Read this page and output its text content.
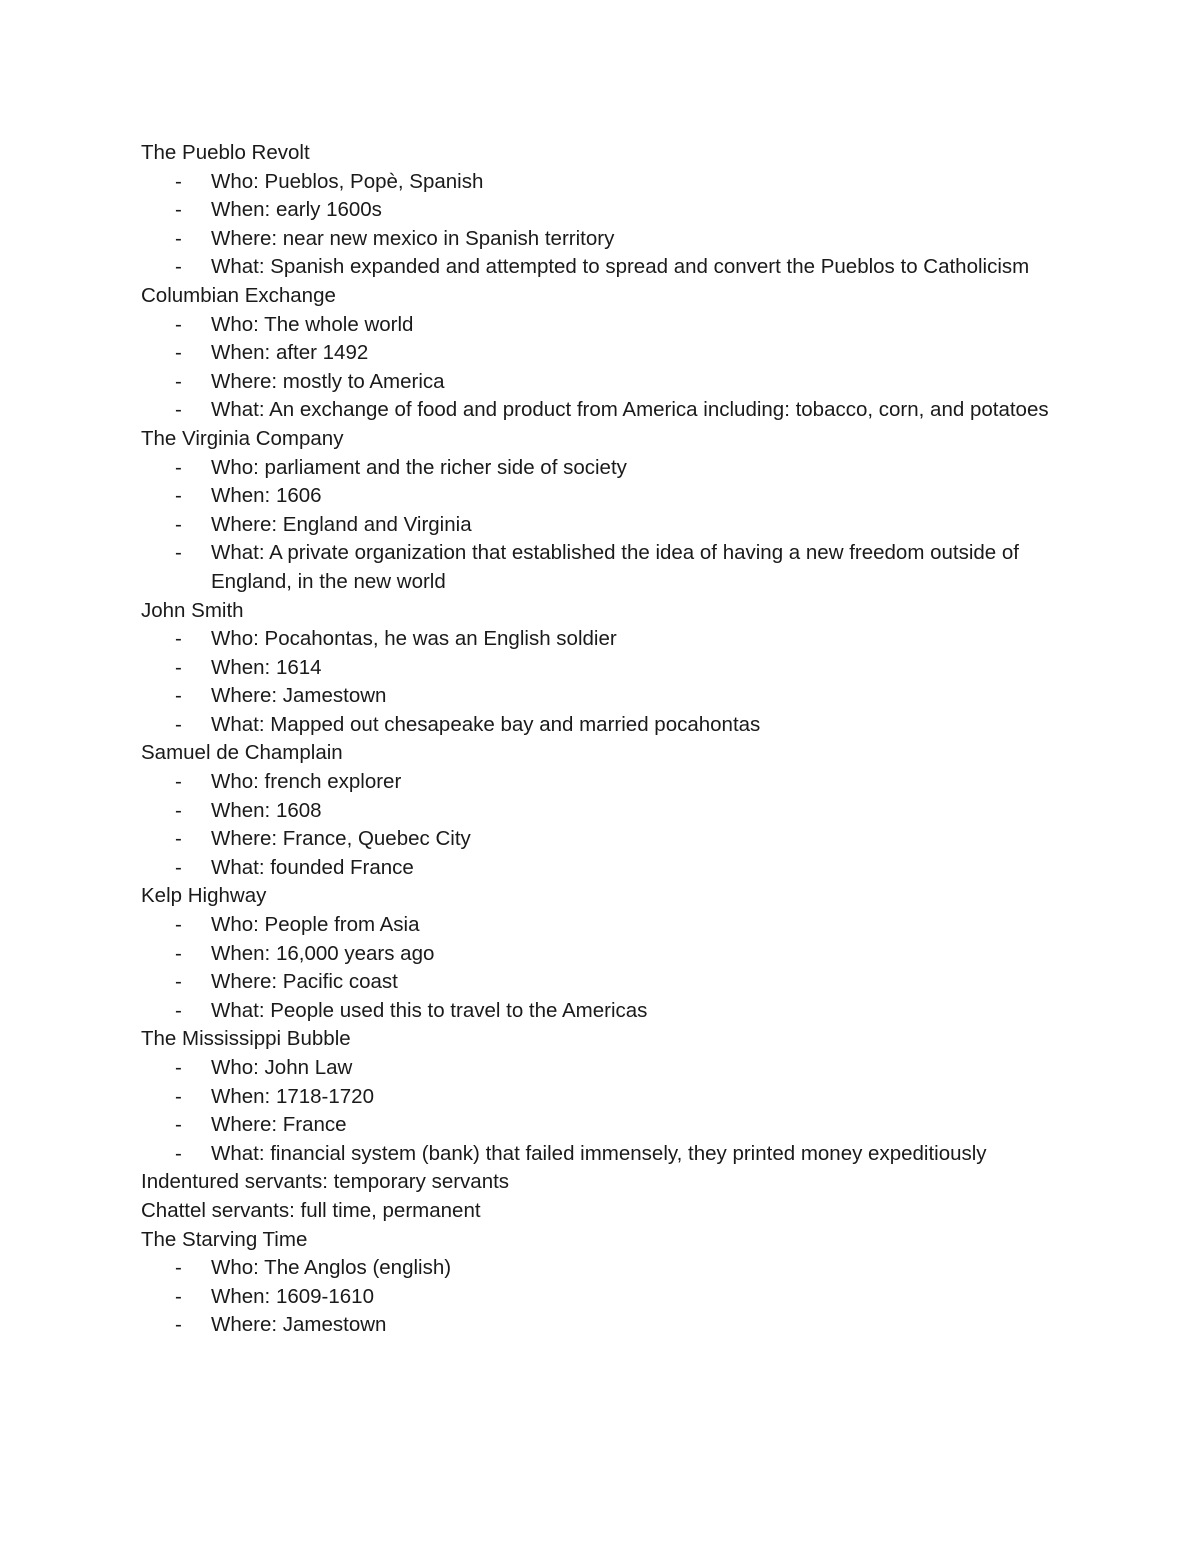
The Pueblo Revolt

- Who: Pueblos, Popè, Spanish
- When: early 1600s
- Where: near new mexico in Spanish territory
- What: Spanish expanded and attempted to spread and convert the Pueblos to Catholicism

Columbian Exchange

- Who: The whole world
- When: after 1492
- Where: mostly to America
- What: An exchange of food and product from America including: tobacco, corn, and potatoes

The Virginia Company

- Who: parliament and the richer side of society
- When: 1606
- Where: England and Virginia
- What: A private organization that established the idea of having a new freedom outside of England, in the new world

John Smith

- Who: Pocahontas, he was an English soldier
- When: 1614
- Where: Jamestown
- What: Mapped out chesapeake bay and married pocahontas

Samuel de Champlain

- Who: french explorer
- When: 1608
- Where: France, Quebec City
- What: founded France

Kelp Highway

- Who: People from Asia
- When: 16,000 years ago
- Where: Pacific coast
- What: People used this to travel to the Americas

The Mississippi Bubble

- Who: John Law
- When: 1718-1720
- Where: France
- What: financial system (bank) that failed immensely, they printed money expeditiously

Indentured servants: temporary servants

Chattel servants: full time, permanent

The Starving Time

- Who: The Anglos (english)
- When: 1609-1610
- Where: Jamestown
